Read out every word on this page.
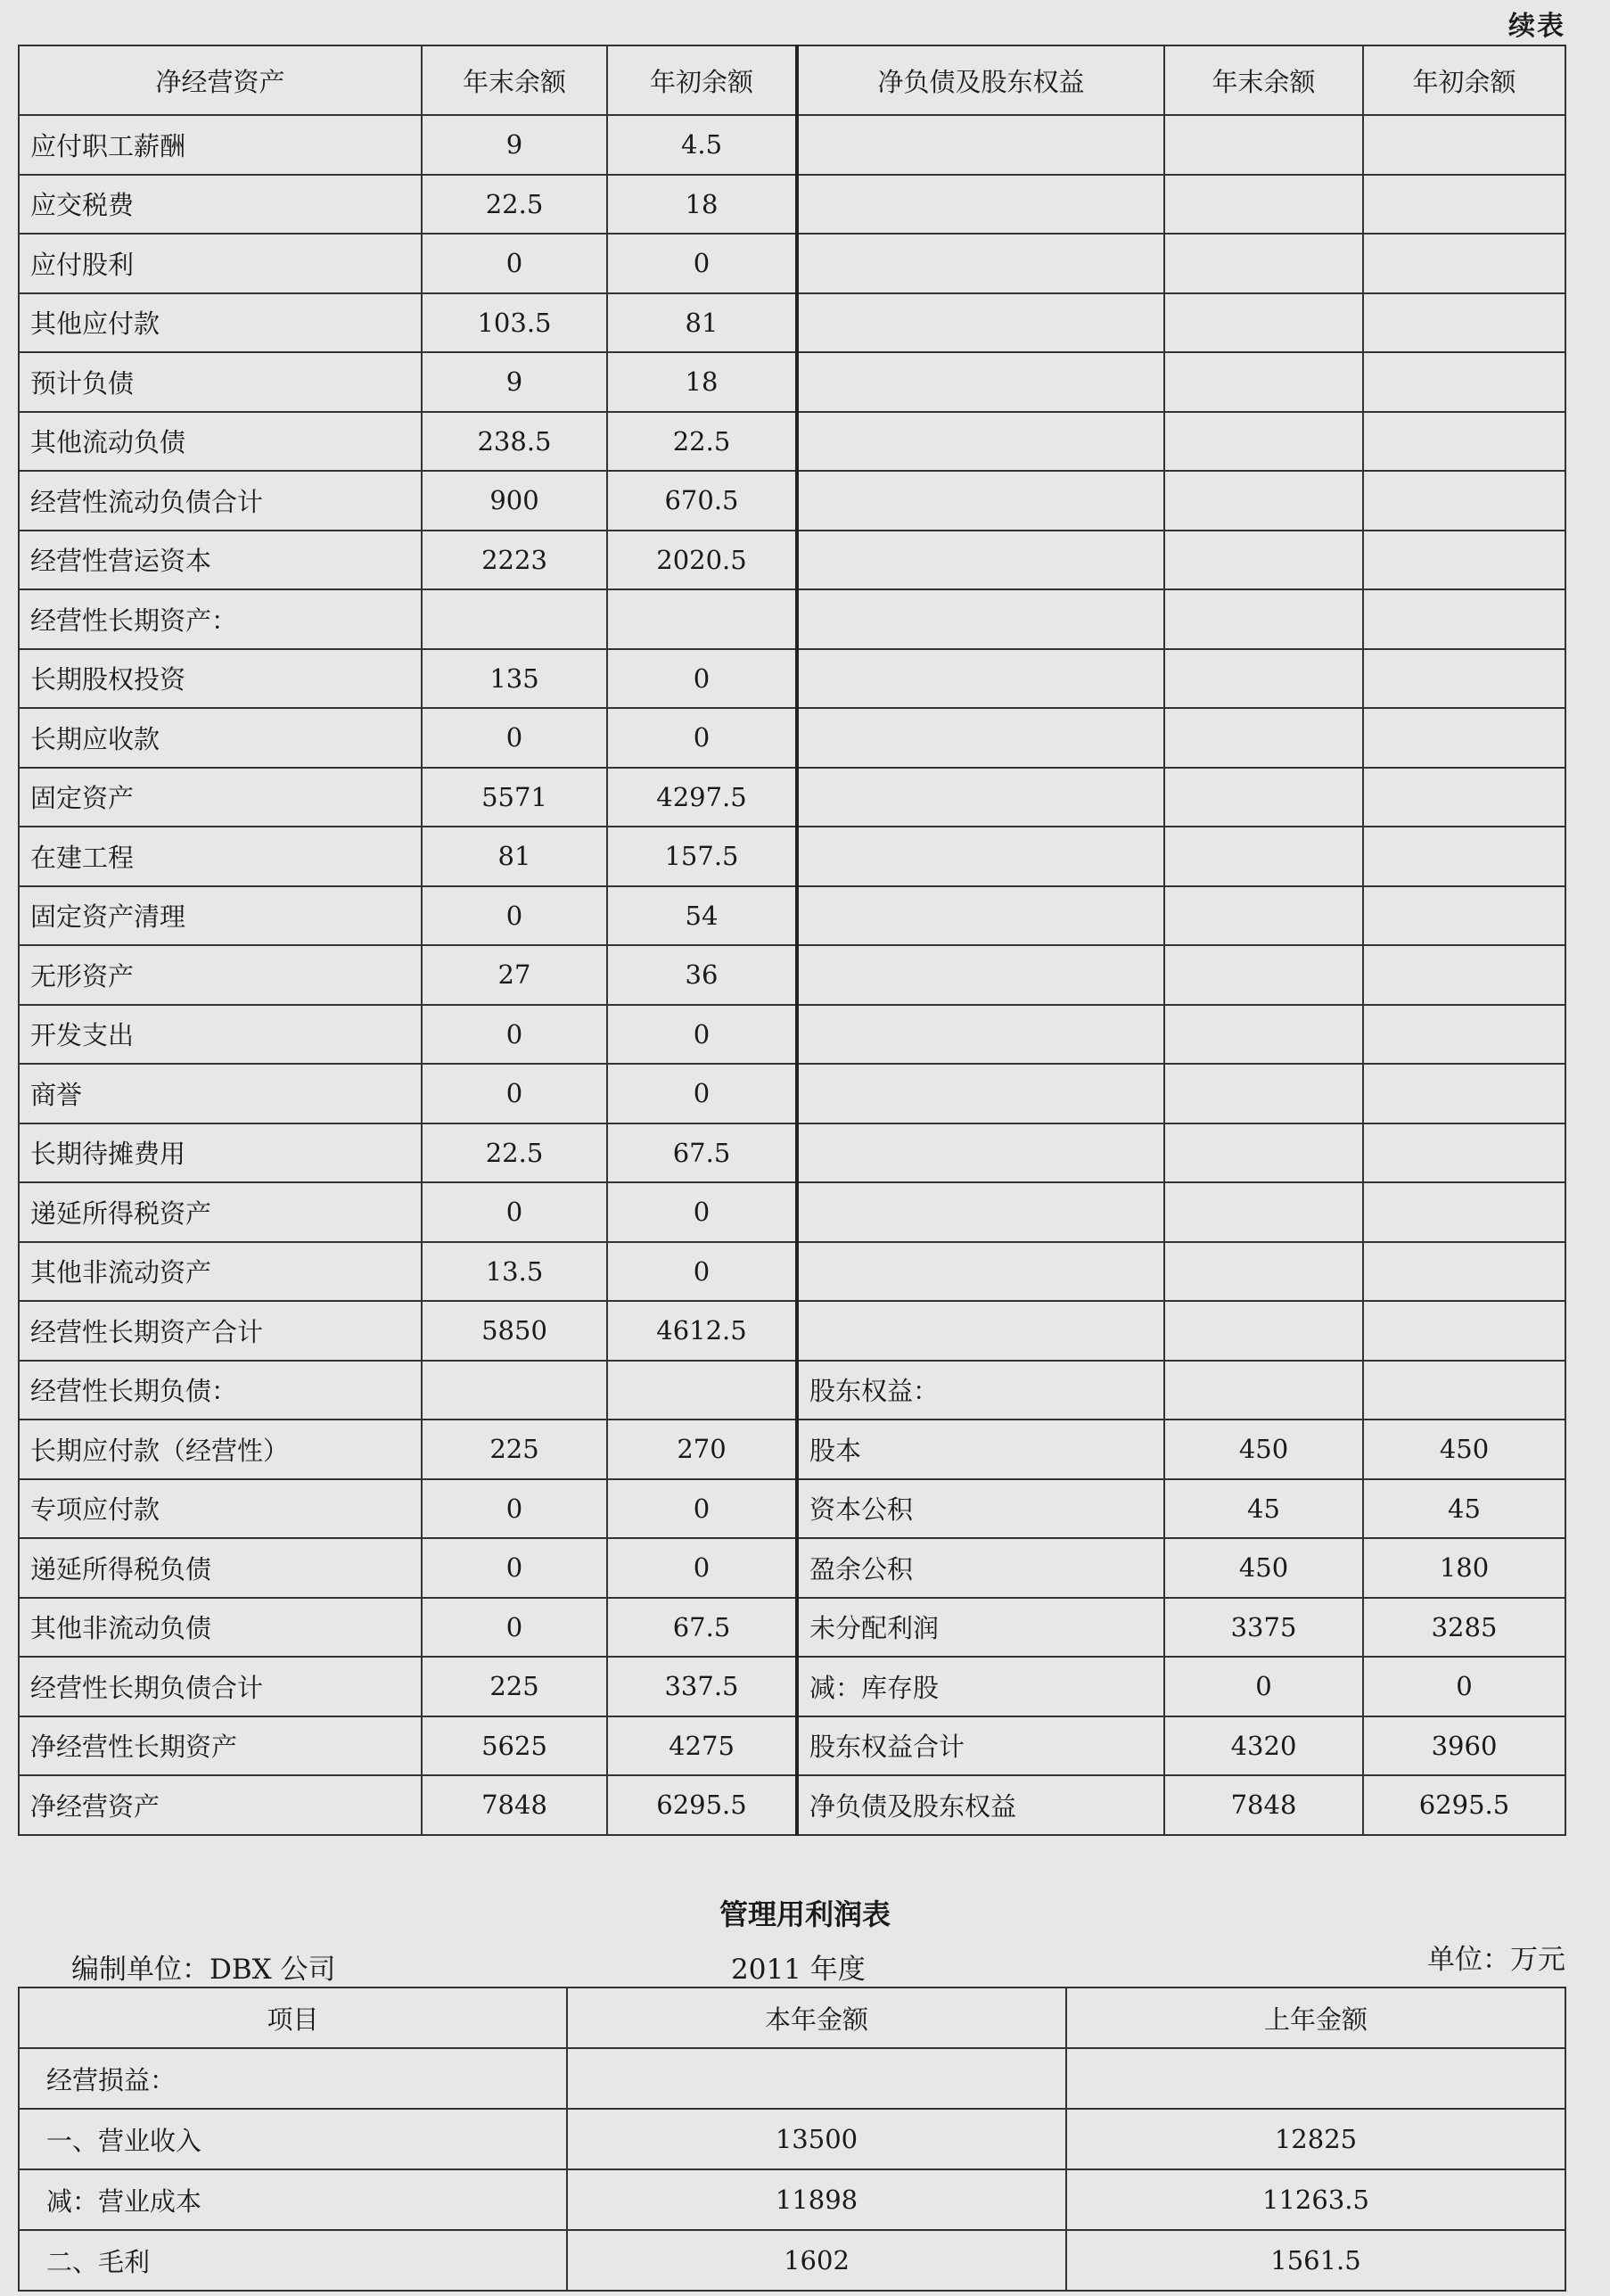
续表
净经营资产	年末余额	年初余额	净负债及股东权益	年末余额	年初余额
应付职工薪酬	9	4.5			
应交税费	22.5	18			
应付股利	0	0			
其他应付款	103.5	81			
预计负债	9	18			
其他流动负债	238.5	22.5			
经营性流动负债合计	900	670.5			
经营性营运资本	2223	2020.5			
经营性长期资产：					
长期股权投资	135	0			
长期应收款	0	0			
固定资产	5571	4297.5			
在建工程	81	157.5			
固定资产清理	0	54			
无形资产	27	36			
开发支出	0	0			
商誉	0	0			
长期待摊费用	22.5	67.5			
递延所得税资产	0	0			
其他非流动资产	13.5	0			
经营性长期资产合计	5850	4612.5			
经营性长期负债：			股东权益：		
长期应付款（经营性）	225	270	股本	450	450
专项应付款	0	0	资本公积	45	45
递延所得税负债	0	0	盈余公积	450	180
其他非流动负债	0	67.5	未分配利润	3375	3285
经营性长期负债合计	225	337.5	减：库存股	0	0
净经营性长期资产	5625	4275	股东权益合计	4320	3960
净经营资产	7848	6295.5	净负债及股东权益	7848	6295.5
管理用利润表
编制单位：DBX 公司	2011 年度	单位：万元
项目	本年金额	上年金额
经营损益：		
一、营业收入	13500	12825
减：营业成本	11898	11263.5
二、毛利	1602	1561.5
